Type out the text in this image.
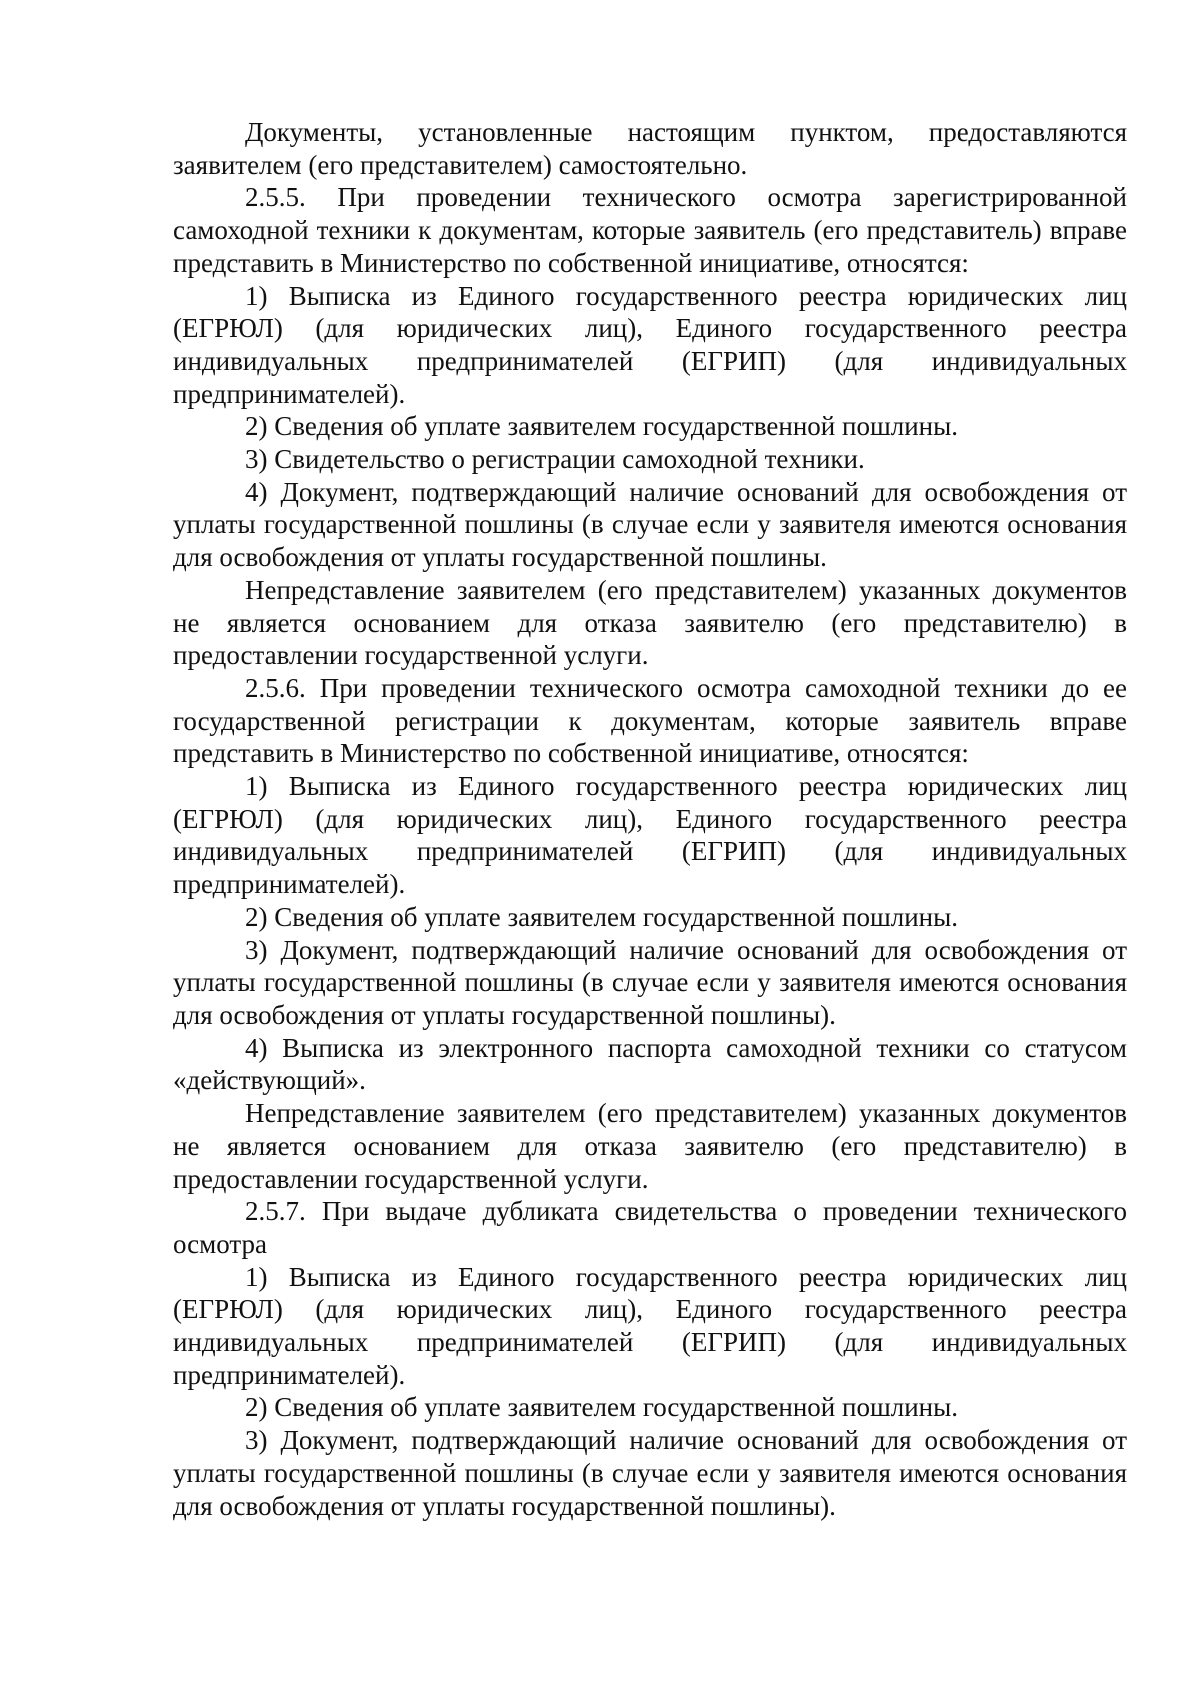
Документы, установленные настоящим пунктом, предоставляются заявителем (его представителем) самостоятельно.

2.5.5. При проведении технического осмотра зарегистрированной самоходной техники к документам, которые заявитель (его представитель) вправе представить в Министерство по собственной инициативе, относятся:

1) Выписка из Единого государственного реестра юридических лиц (ЕГРЮЛ) (для юридических лиц), Единого государственного реестра индивидуальных предпринимателей (ЕГРИП) (для индивидуальных предпринимателей).

2) Сведения об уплате заявителем государственной пошлины.

3) Свидетельство о регистрации самоходной техники.

4) Документ, подтверждающий наличие оснований для освобождения от уплаты государственной пошлины (в случае если у заявителя имеются основания для освобождения от уплаты государственной пошлины.

Непредставление заявителем (его представителем) указанных документов не является основанием для отказа заявителю (его представителю) в предоставлении государственной услуги.

2.5.6. При проведении технического осмотра самоходной техники до ее государственной регистрации к документам, которые заявитель вправе представить в Министерство по собственной инициативе, относятся:

1) Выписка из Единого государственного реестра юридических лиц (ЕГРЮЛ) (для юридических лиц), Единого государственного реестра индивидуальных предпринимателей (ЕГРИП) (для индивидуальных предпринимателей).

2) Сведения об уплате заявителем государственной пошлины.

3) Документ, подтверждающий наличие оснований для освобождения от уплаты государственной пошлины (в случае если у заявителя имеются основания для освобождения от уплаты государственной пошлины).

4) Выписка из электронного паспорта самоходной техники со статусом «действующий».

Непредставление заявителем (его представителем) указанных документов не является основанием для отказа заявителю (его представителю) в предоставлении государственной услуги.

2.5.7. При выдаче дубликата свидетельства о проведении технического осмотра

1) Выписка из Единого государственного реестра юридических лиц (ЕГРЮЛ) (для юридических лиц), Единого государственного реестра индивидуальных предпринимателей (ЕГРИП) (для индивидуальных предпринимателей).

2) Сведения об уплате заявителем государственной пошлины.

3) Документ, подтверждающий наличие оснований для освобождения от уплаты государственной пошлины (в случае если у заявителя имеются основания для освобождения от уплаты государственной пошлины).
